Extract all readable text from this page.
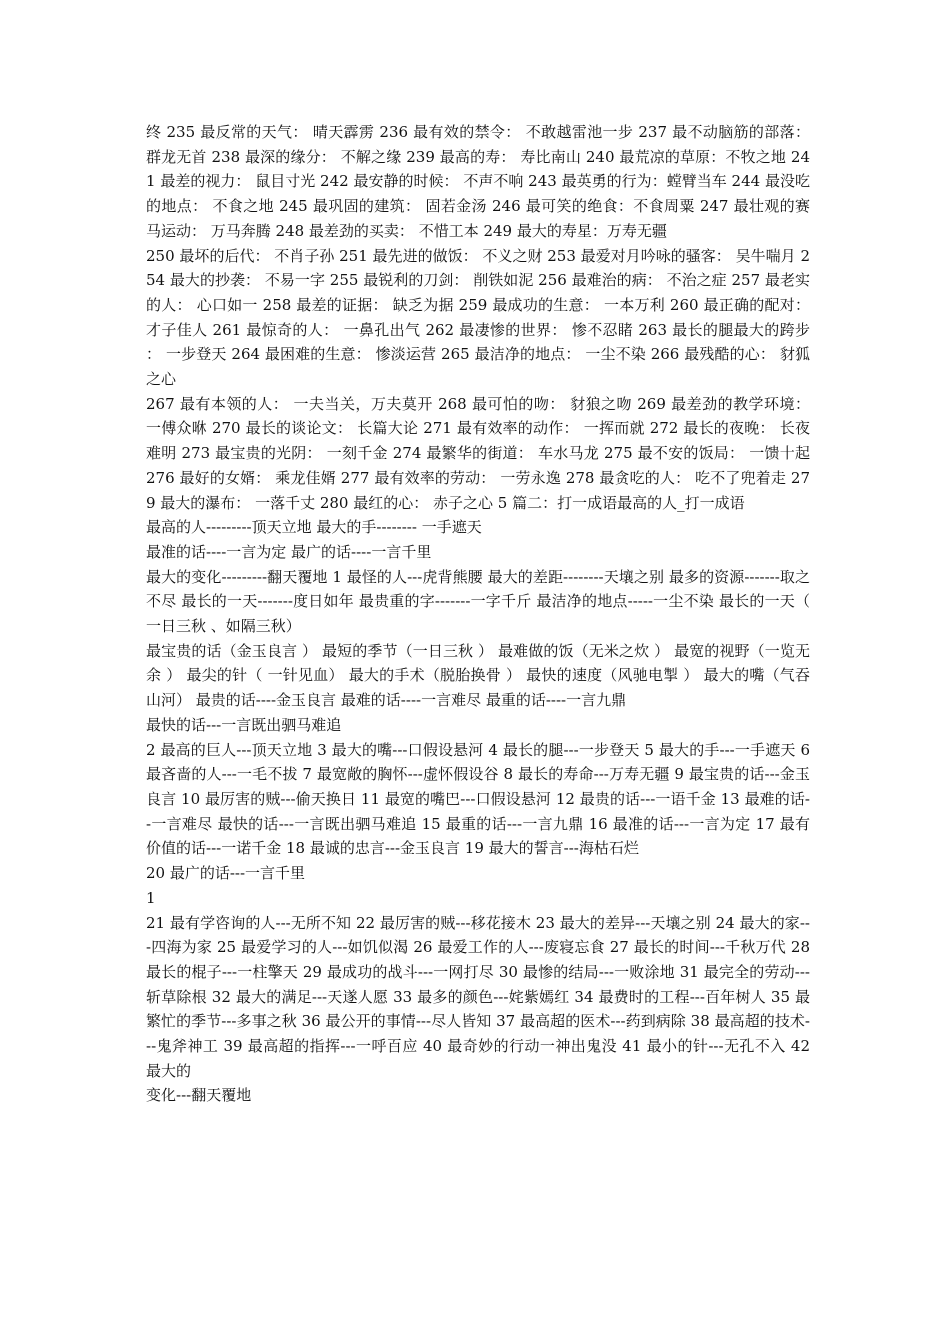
终 235 最反常的天气： 晴天霹雳 236 最有效的禁令： 不敢越雷池一步 237 最不动脑筋的部落： 群龙无首 238 最深的缘分： 不解之缘 239 最高的寿： 寿比南山 240 最荒凉的草原：不牧之地 241 最差的视力： 鼠目寸光 242 最安静的时候： 不声不响 243 最英勇的行为：螳臂当车 244 最没吃的地点： 不食之地 245 最巩固的建筑： 固若金汤 246 最可笑的绝食：不食周粟 247 最壮观的赛马运动： 万马奔腾 248 最差劲的买卖： 不惜工本 249 最大的寿星：万寿无疆

250 最坏的后代： 不肖子孙 251 最先进的做饭： 不义之财 253 最爱对月吟咏的骚客： 吴牛喘月 254 最大的抄袭： 不易一字 255 最锐利的刀剑： 削铁如泥 256 最难治的病： 不治之症 257 最老实的人： 心口如一 258 最差的证据： 缺乏为据 259 最成功的生意： 一本万利 260 最正确的配对： 才子佳人 261 最惊奇的人： 一鼻孔出气 262 最凄惨的世界： 惨不忍睹 263 最长的腿最大的跨步： 一步登天 264 最困难的生意： 惨淡运营 265 最洁净的地点： 一尘不染 266 最残酷的心： 豺狐之心

267 最有本领的人： 一夫当关，万夫莫开 268 最可怕的吻： 豺狼之吻 269 最差劲的教学环境： 一傅众咻 270 最长的谈论文： 长篇大论 271 最有效率的动作： 一挥而就 272 最长的夜晚： 长夜难明 273 最宝贵的光阴： 一刻千金 274 最繁华的街道： 车水马龙 275 最不安的饭局： 一馈十起 276 最好的女婿： 乘龙佳婿 277 最有效率的劳动： 一劳永逸 278 最贪吃的人： 吃不了兜着走 279 最大的瀑布： 一落千丈 280 最红的心： 赤子之心 5 篇二：打一成语最高的人_打一成语

最高的人---------顶天立地 最大的手-------- 一手遮天

最准的话----一言为定 最广的话----一言千里

最大的变化---------翻天覆地 1 最怪的人---虎背熊腰 最大的差距--------天壤之别 最多的资源-------取之不尽 最长的一天-------度日如年 最贵重的字-------一字千斤 最洁净的地点-----一尘不染 最长的一天（一日三秋 、如隔三秋）

最宝贵的话（金玉良言 ） 最短的季节（一日三秋 ） 最难做的饭（无米之炊 ） 最宽的视野（一览无余 ） 最尖的针（ 一针见血） 最大的手术（脱胎换骨 ） 最快的速度（风驰电掣 ） 最大的嘴（气吞山河） 最贵的话----金玉良言 最难的话----一言难尽 最重的话----一言九鼎

最快的话---一言既出驷马难追

2 最高的巨人---顶天立地 3 最大的嘴---口假设悬河 4 最长的腿---一步登天 5 最大的手---一手遮天 6 最吝啬的人---一毛不拔 7 最宽敞的胸怀---虚怀假设谷 8 最长的寿命---万寿无疆 9 最宝贵的话---金玉良言 10 最厉害的贼---偷天换日 11 最宽的嘴巴---口假设悬河 12 最贵的话---一语千金 13 最难的话--一言难尽 最快的话---一言既出驷马难追 15 最重的话---一言九鼎 16 最准的话---一言为定 17 最有价值的话---一诺千金 18 最诚的忠言---金玉良言 19 最大的誓言---海枯石烂

20 最广的话---一言千里

1

21 最有学咨询的人---无所不知 22 最厉害的贼---移花接木 23 最大的差异---天壤之别 24 最大的家---四海为家 25 最爱学习的人---如饥似渴 26 最爱工作的人---废寝忘食 27 最长的时间---千秋万代 28 最长的棍子---一柱擎天 29 最成功的战斗---一网打尽 30 最惨的结局---一败涂地 31 最完全的劳动---斩草除根 32 最大的满足---天遂人愿 33 最多的颜色---姹紫嫣红 34 最费时的工程---百年树人 35 最繁忙的季节---多事之秋 36 最公开的事情---尽人皆知 37 最高超的医术---药到病除 38 最高超的技术---鬼斧神工 39 最高超的指挥---一呼百应 40 最奇妙的行动一神出鬼没 41 最小的针---无孔不入 42 最大的

变化---翻天覆地
